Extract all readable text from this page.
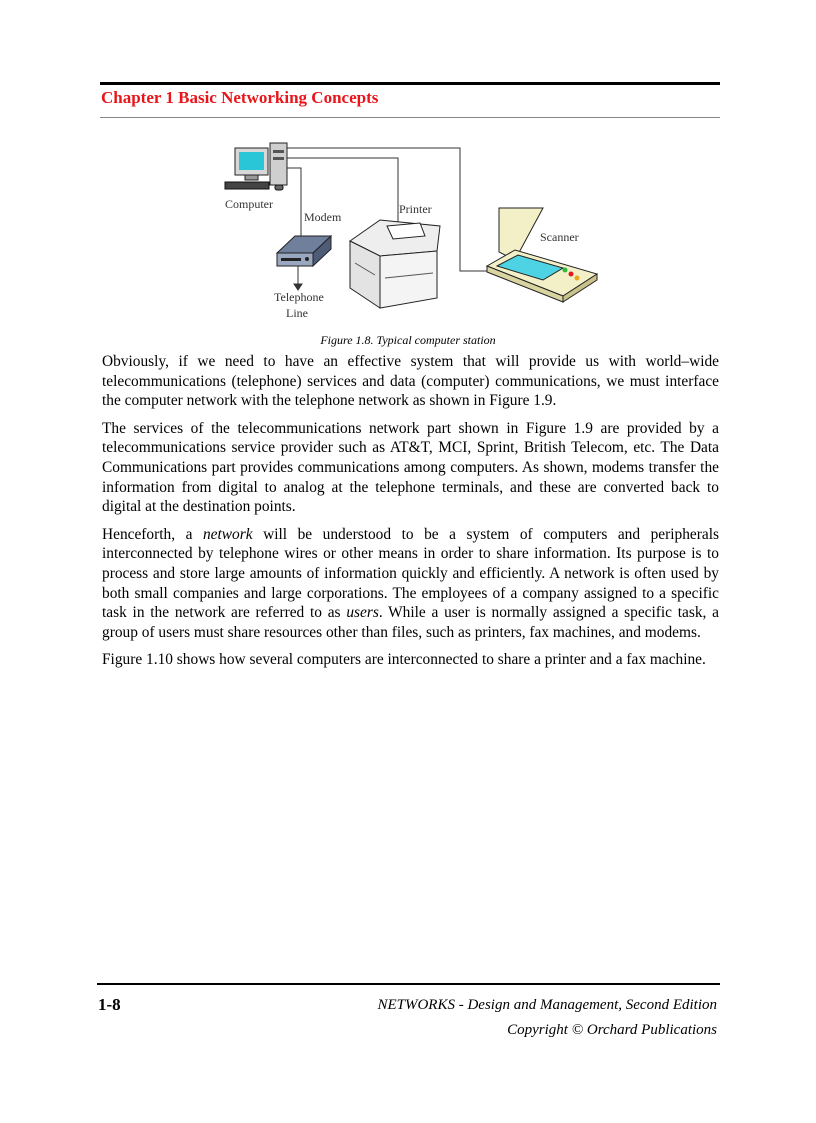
Chapter 1 Basic Networking Concepts
Computer
Modem
Printer
Scanner
Telephone
Line
Figure 1.8. Typical computer station

Obviously, if we need to have an effective system that will provide us with world–wide telecommunications (telephone) services and data (computer) communications, we must interface the computer network with the telephone network as shown in Figure 1.9.

The services of the telecommunications network part shown in Figure 1.9 are provided by a telecommunications service provider such as AT&T, MCI, Sprint, British Telecom, etc. The Data Communications part provides communications among computers. As shown, modems transfer the information from digital to analog at the telephone terminals, and these are converted back to digital at the destination points.

Henceforth, a network will be understood to be a system of computers and peripherals interconnected by telephone wires or other means in order to share information. Its purpose is to process and store large amounts of information quickly and efficiently. A network is often used by both small companies and large corporations. The employees of a company assigned to a specific task in the network are referred to as users. While a user is normally assigned a specific task, a group of users must share resources other than files, such as printers, fax machines, and modems.

Figure 1.10 shows how several computers are interconnected to share a printer and a fax machine.

1-8	NETWORKS - Design and Management, Second Edition
Copyright © Orchard Publications
